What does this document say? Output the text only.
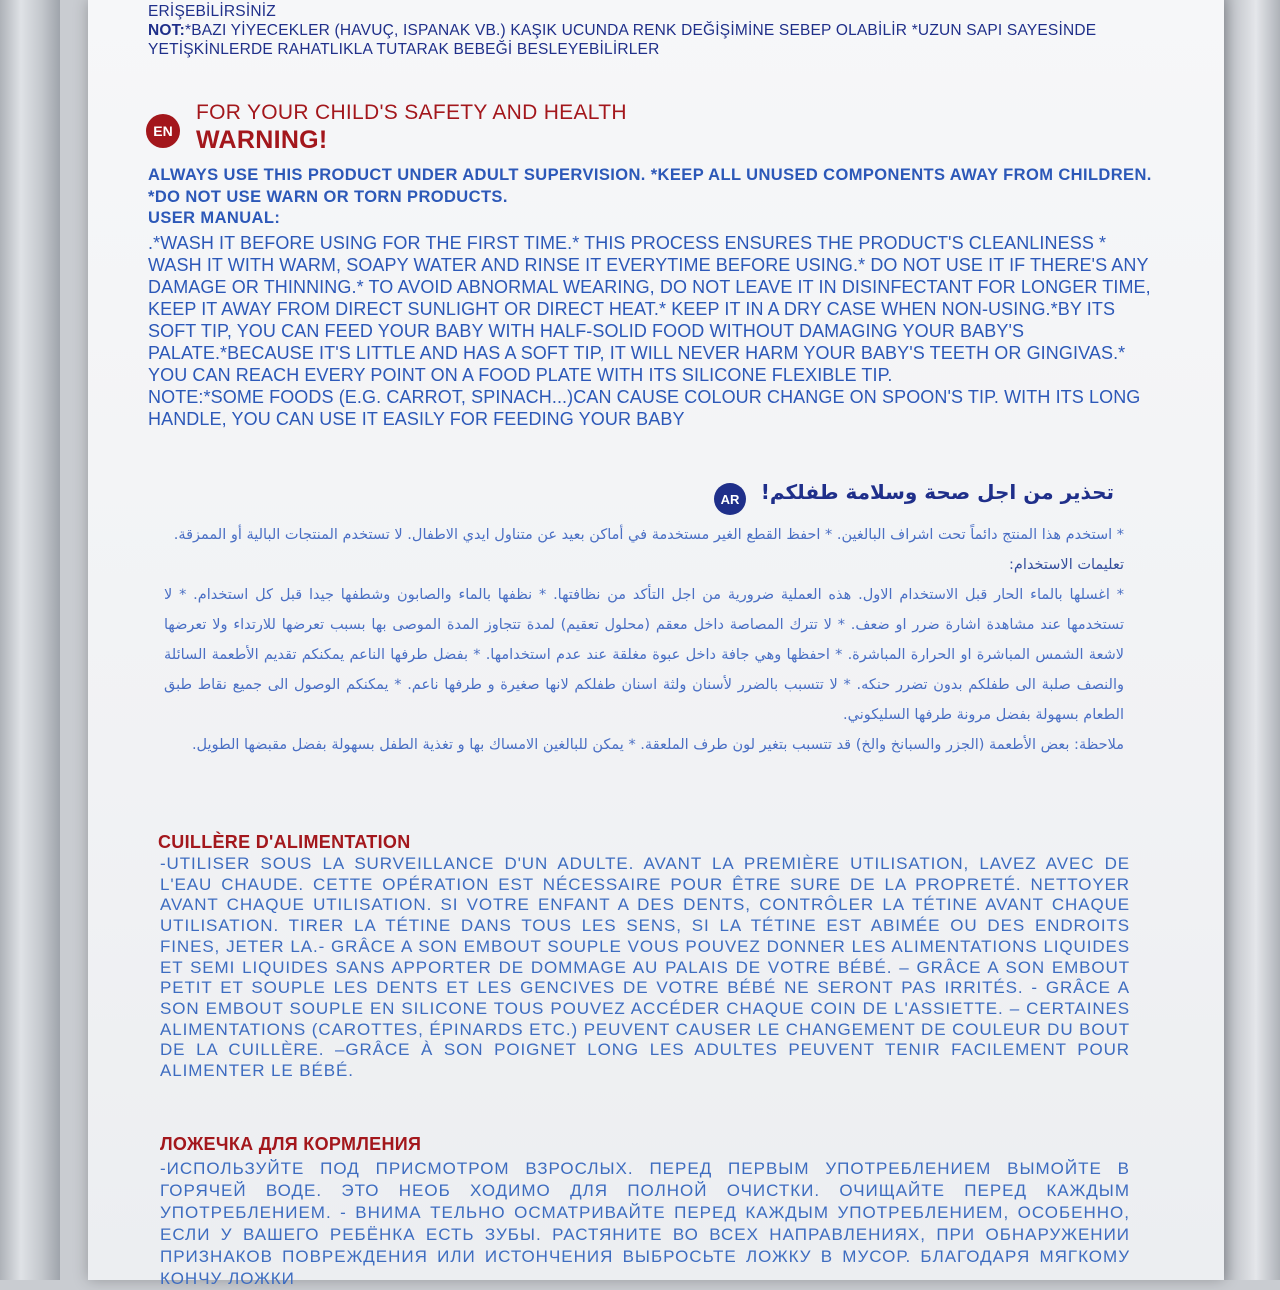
ERİŞEBİLİRSİNİZ
NOT:*BAZI YİYECEKLER (HAVUÇ, ISPANAK VB.) KAŞIK UCUNDA RENK DEĞİŞİMİNE SEBEP OLABİLİR *UZUN SAPI SAYESİNDE YETİŞKİNLERDE RAHATLIKLA TUTARAK BEBEĞİ BESLEYEBİLİRLER
EN
FOR YOUR CHILD'S SAFETY AND HEALTH
WARNING!
ALWAYS USE THIS PRODUCT UNDER ADULT SUPERVISION. *KEEP ALL UNUSED COMPONENTS AWAY FROM CHILDREN. *DO NOT USE WARN OR TORN PRODUCTS.
USER MANUAL:
.*WASH IT BEFORE USING FOR THE FIRST TIME.* THIS PROCESS ENSURES THE PRODUCT'S CLEANLINESS * WASH IT WITH WARM, SOAPY WATER AND RINSE IT EVERYTIME BEFORE USING.* DO NOT USE IT IF THERE'S ANY DAMAGE OR THINNING.* TO AVOID ABNORMAL WEARING, DO NOT LEAVE IT IN DISINFECTANT FOR LONGER TIME, KEEP IT AWAY FROM DIRECT SUNLIGHT OR DIRECT HEAT.* KEEP IT IN A DRY CASE WHEN NON-USING.*BY ITS SOFT TIP, YOU CAN FEED YOUR BABY WITH HALF-SOLID FOOD WITHOUT DAMAGING YOUR BABY'S PALATE.*BECAUSE IT'S LITTLE AND HAS A SOFT TIP, IT WILL NEVER HARM YOUR BABY'S TEETH OR GINGIVAS.* YOU CAN REACH EVERY POINT ON A FOOD PLATE WITH ITS SILICONE FLEXIBLE TIP.
NOTE:*SOME FOODS (E.G. CARROT, SPINACH...)CAN CAUSE COLOUR CHANGE ON SPOON'S TIP. WITH ITS LONG HANDLE, YOU CAN USE IT EASILY FOR FEEDING YOUR BABY
AR	تحذير من اجل صحة وسلامة طفلكم!
* استخدم هذا المنتج دائماً تحت اشراف البالغين. * احفظ القطع الغير مستخدمة في أماكن بعيد عن متناول ايدي الاطفال. لا تستخدم المنتجات البالية أو الممزقة.
تعليمات الاستخدام:
* اغسلها بالماء الحار قبل الاستخدام الاول. هذه العملية ضرورية من اجل التأكد من نظافتها. * نظفها بالماء والصابون وشطفها جيدا قبل كل استخدام. * لا تستخدمها عند مشاهدة اشارة ضرر او ضعف. * لا تترك المصاصة داخل معقم (محلول تعقيم) لمدة تتجاوز المدة الموصى بها بسبب تعرضها للارتداء ولا تعرضها لاشعة الشمس المباشرة او الحرارة المباشرة. * احفظها وهي جافة داخل عبوة مغلقة عند عدم استخدامها. * بفضل طرفها الناعم يمكنكم تقديم الأطعمة السائلة والنصف صلبة الى طفلكم بدون تضرر حنكه. * لا تتسبب بالضرر لأسنان ولثة اسنان طفلكم لانها صغيرة و طرفها ناعم. * يمكنكم الوصول الى جميع نقاط طبق الطعام بسهولة بفضل مرونة طرفها السليكوني.
ملاحظة: بعض الأطعمة (الجزر والسبانخ والخ) قد تتسبب بتغير لون طرف الملعقة. * يمكن للبالغين الامساك بها و تغذية الطفل بسهولة بفضل مقبضها الطويل.
CUILLÈRE D'ALIMENTATION
-UTILISER SOUS LA SURVEILLANCE D'UN ADULTE. AVANT LA PREMIÈRE UTILISATION, LAVEZ AVEC DE L'EAU CHAUDE. CETTE OPÉRATION EST NÉCESSAIRE POUR ÊTRE SURE DE LA PROPRETÉ. NETTOYER AVANT CHAQUE UTILISATION. SI VOTRE ENFANT A DES DENTS, CONTRÔLER LA TÉTINE AVANT CHAQUE UTILISATION. TIRER LA TÉTINE DANS TOUS LES SENS, SI LA TÉTINE EST ABIMÉE OU DES ENDROITS FINES, JETER LA.- GRÂCE A SON EMBOUT SOUPLE VOUS POUVEZ DONNER LES ALIMENTATIONS LIQUIDES ET SEMI LIQUIDES SANS APPORTER DE DOMMAGE AU PALAIS DE VOTRE BÉBÉ. – GRÂCE A SON EMBOUT PETIT ET SOUPLE LES DENTS ET LES GENCIVES DE VOTRE BÉBÉ NE SERONT PAS IRRITÉS. - GRÂCE A SON EMBOUT SOUPLE EN SILICONE TOUS POUVEZ ACCÉDER CHAQUE COIN DE L'ASSIETTE. – CERTAINES ALIMENTATIONS (CAROTTES, ÉPINARDS ETC.) PEUVENT CAUSER LE CHANGEMENT DE COULEUR DU BOUT DE LA CUILLÈRE. –GRÂCE À SON POIGNET LONG LES ADULTES PEUVENT TENIR FACILEMENT POUR ALIMENTER LE BÉBÉ.
ЛОЖЕЧКА ДЛЯ КОРМЛЕНИЯ
-ИСПОЛЬЗУЙТЕ ПОД ПРИСМОТРОМ ВЗРОСЛЫХ. ПЕРЕД ПЕРВЫМ УПОТРЕБЛЕНИЕМ ВЫМОЙТЕ В ГОРЯЧЕЙ ВОДЕ. ЭТО НЕОБ ХОДИМО ДЛЯ ПОЛНОЙ ОЧИСТКИ. ОЧИЩАЙТЕ ПЕРЕД КАЖДЫМ УПОТРЕБЛЕНИЕМ. - ВНИМА ТЕЛЬНО ОСМАТРИВАЙТЕ ПЕРЕД КАЖДЫМ УПОТРЕБЛЕНИЕМ, ОСОБЕННО, ЕСЛИ У ВАШЕГО РЕБЁНКА ЕСТЬ ЗУБЫ. РАСТЯНИТЕ ВО ВСЕХ НАПРАВЛЕНИЯХ, ПРИ ОБНАРУЖЕНИИ ПРИЗНАКОВ ПОВРЕЖДЕНИЯ ИЛИ ИСТОНЧЕНИЯ ВЫБРОСЬТЕ ЛОЖКУ В МУСОР. БЛАГОДАРЯ МЯГКОМУ КОНЧУ ЛОЖКИ
